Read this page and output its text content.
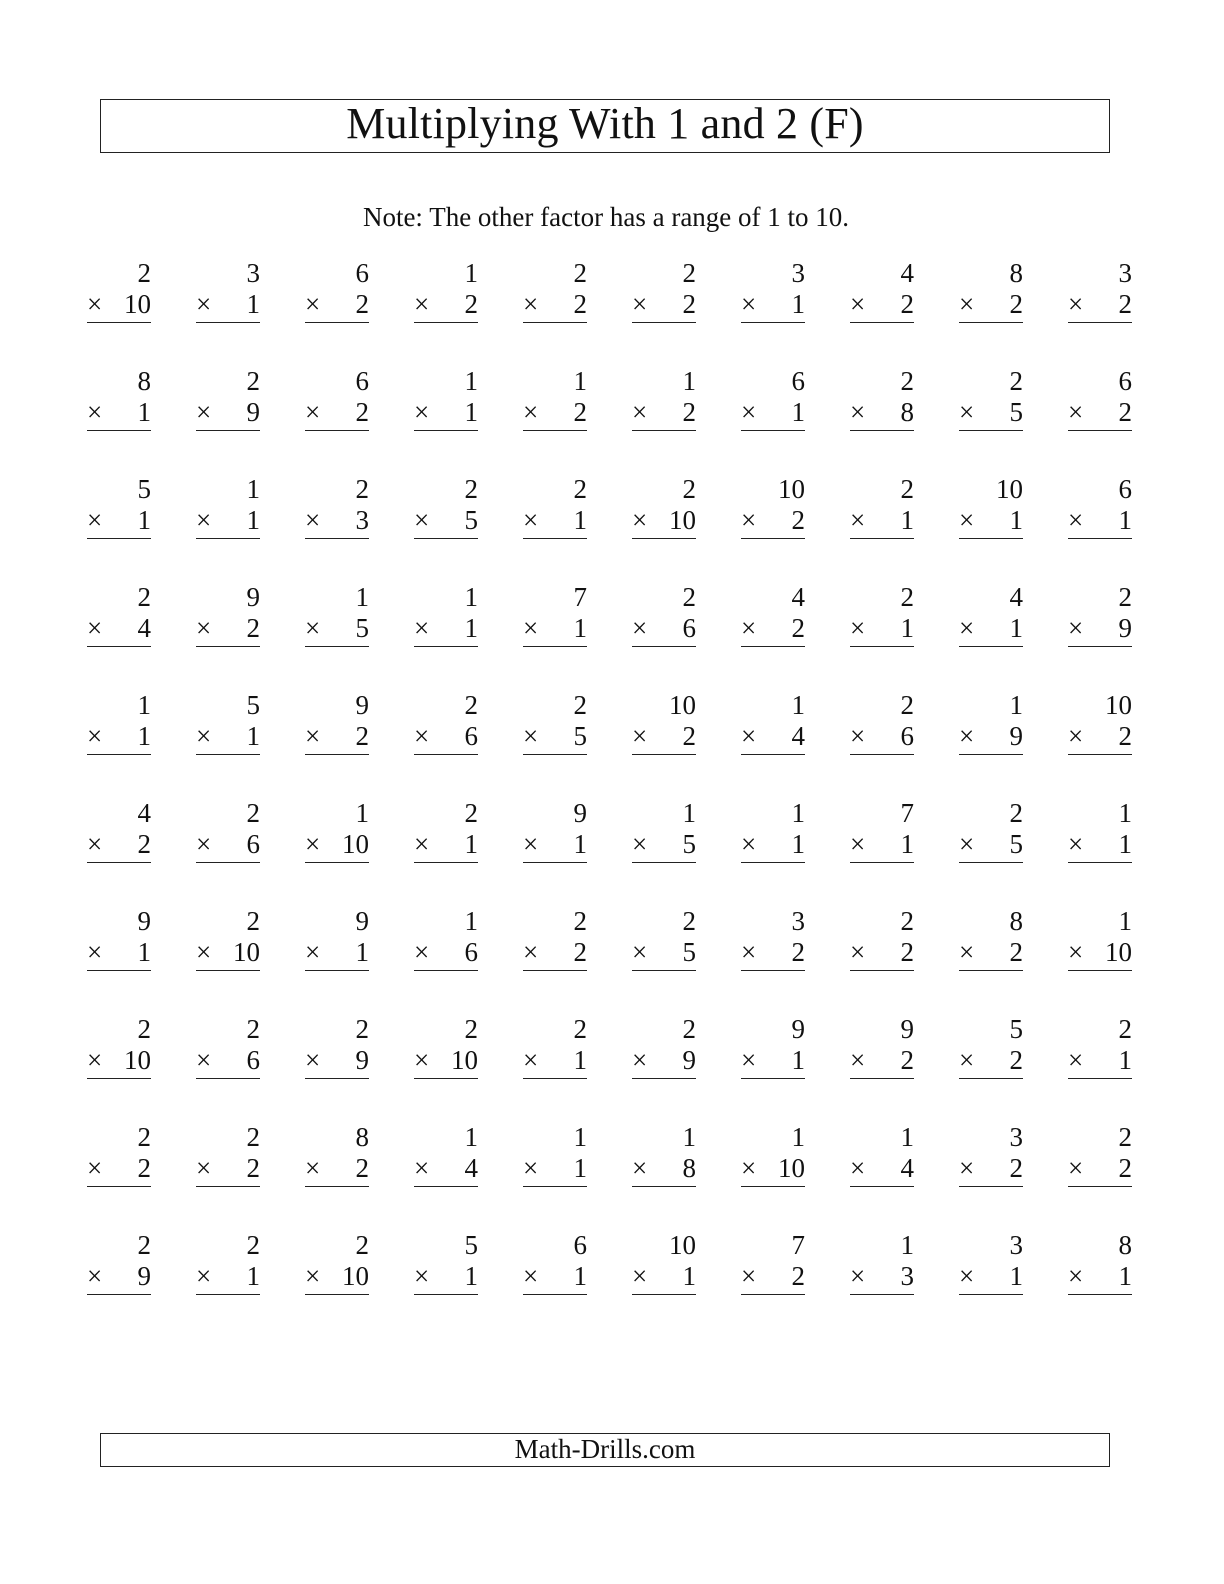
Multiplying With 1 and 2 (F)
Note: The other factor has a range of 1 to 10.
2
× 10
3
× 1
6
× 2
1
× 2
2
× 2
2
× 2
3
× 1
4
× 2
8
× 2
3
× 2
8
× 1
2
× 9
6
× 2
1
× 1
1
× 2
1
× 2
6
× 1
2
× 8
2
× 5
6
× 2
5
× 1
1
× 1
2
× 3
2
× 5
2
× 1
2
× 10
10
× 2
2
× 1
10
× 1
6
× 1
2
× 4
9
× 2
1
× 5
1
× 1
7
× 1
2
× 6
4
× 2
2
× 1
4
× 1
2
× 9
1
× 1
5
× 1
9
× 2
2
× 6
2
× 5
10
× 2
1
× 4
2
× 6
1
× 9
10
× 2
4
× 2
2
× 6
1
× 10
2
× 1
9
× 1
1
× 5
1
× 1
7
× 1
2
× 5
1
× 1
9
× 1
2
× 10
9
× 1
1
× 6
2
× 2
2
× 5
3
× 2
2
× 2
8
× 2
1
× 10
2
× 10
2
× 6
2
× 9
2
× 10
2
× 1
2
× 9
9
× 1
9
× 2
5
× 2
2
× 1
2
× 2
2
× 2
8
× 2
1
× 4
1
× 1
1
× 8
1
× 10
1
× 4
3
× 2
2
× 2
2
× 9
2
× 1
2
× 10
5
× 1
6
× 1
10
× 1
7
× 2
1
× 3
3
× 1
8
× 1
Math-Drills.com
